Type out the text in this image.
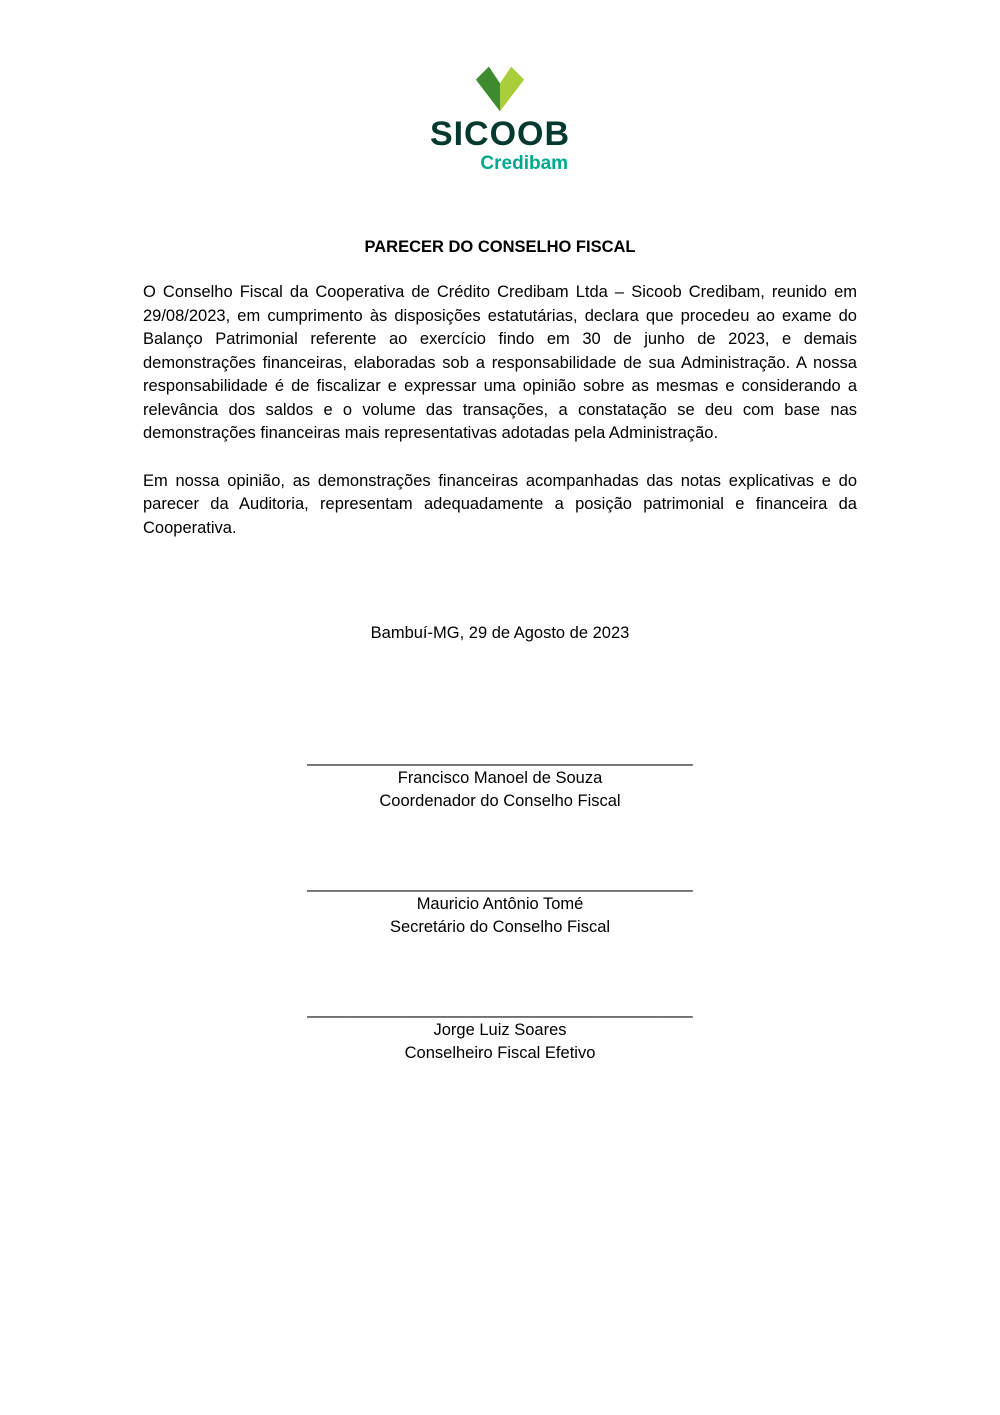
SICOOB
Credibam
PARECER DO CONSELHO FISCAL

O Conselho Fiscal da Cooperativa de Crédito Credibam Ltda – Sicoob Credibam, reunido em 29/08/2023, em cumprimento às disposições estatutárias, declara que procedeu ao exame do Balanço Patrimonial referente ao exercício findo em 30 de junho de 2023, e demais demonstrações financeiras, elaboradas sob a responsabilidade de sua Administração. A nossa responsabilidade é de fiscalizar e expressar uma opinião sobre as mesmas e considerando a relevância dos saldos e o volume das transações, a constatação se deu com base nas demonstrações financeiras mais representativas adotadas pela Administração.

Em nossa opinião, as demonstrações financeiras acompanhadas das notas explicativas e do parecer da Auditoria, representam adequadamente a posição patrimonial e financeira da Cooperativa.

Bambuí-MG, 29 de Agosto de 2023
__________________________________________
Francisco Manoel de Souza
Coordenador do Conselho Fiscal
__________________________________________
Mauricio Antônio Tomé
Secretário do Conselho Fiscal
__________________________________________
Jorge Luiz Soares
Conselheiro Fiscal Efetivo
